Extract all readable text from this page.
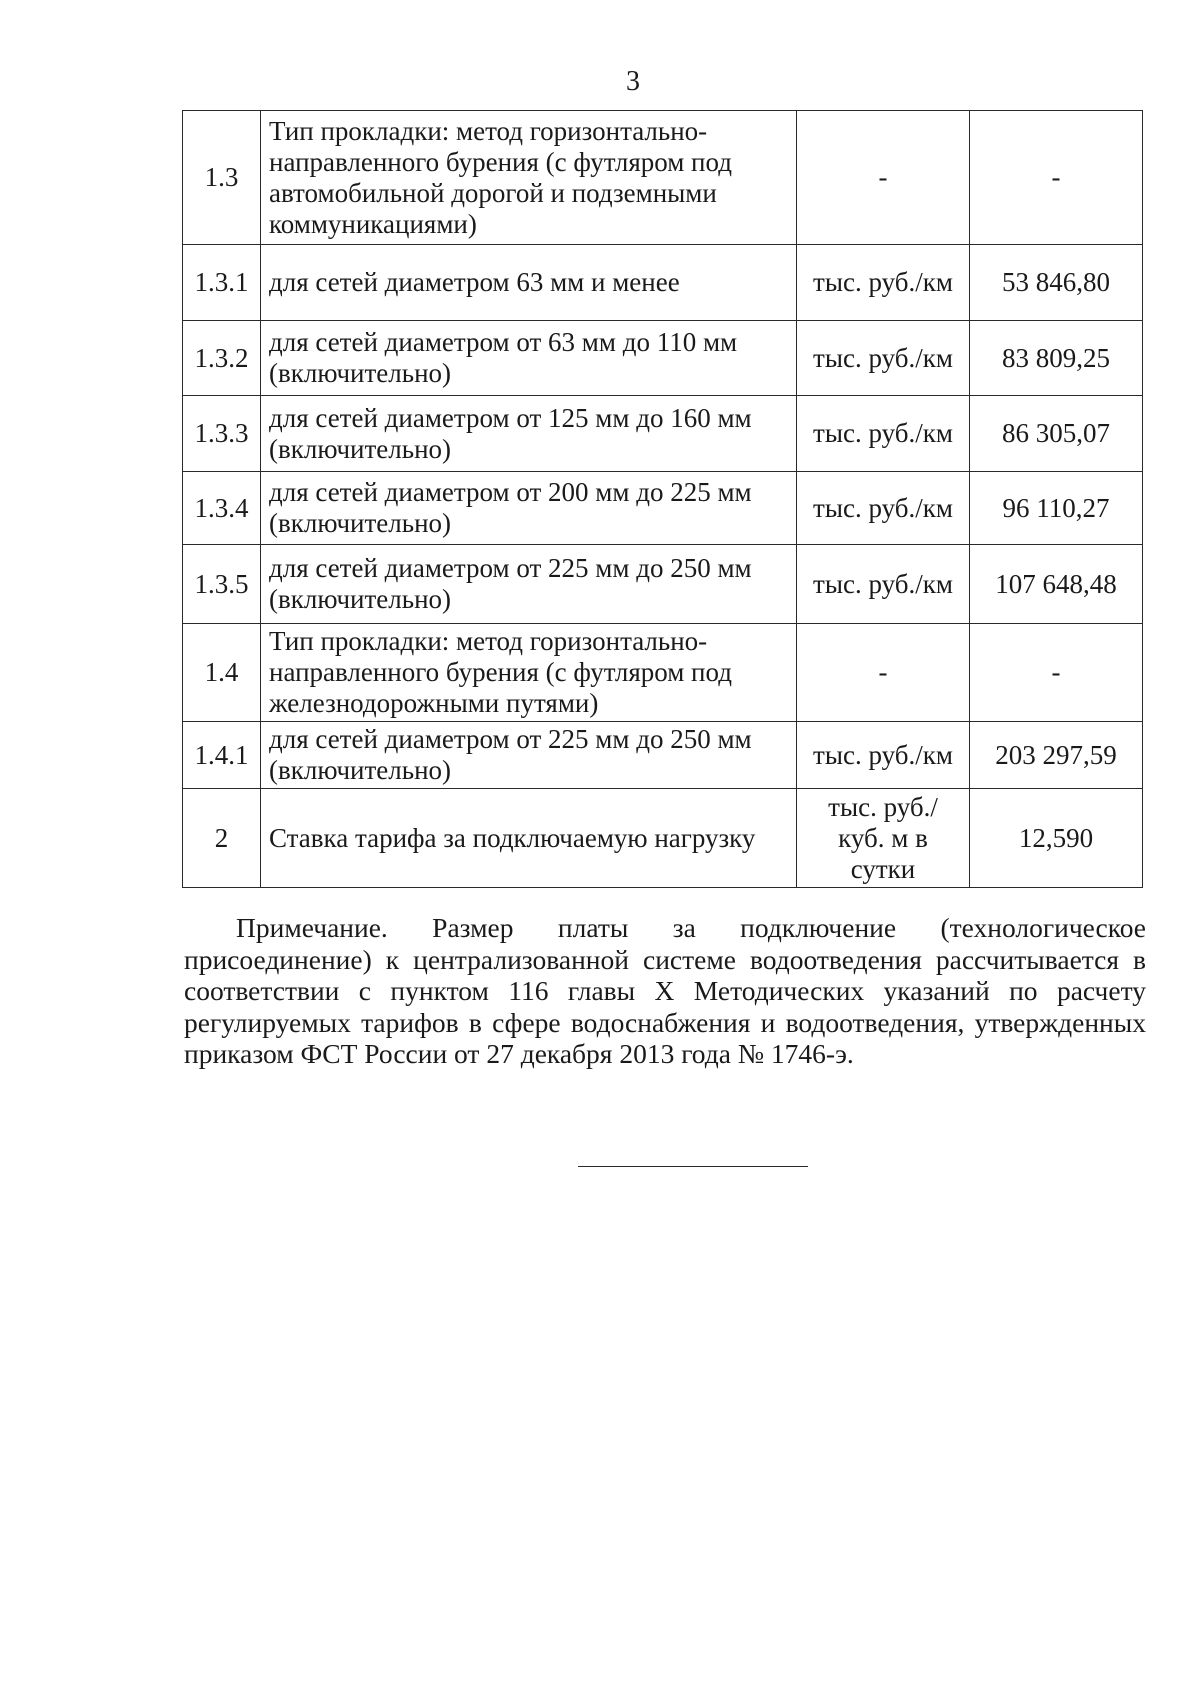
3
1.3	Тип прокладки: метод горизонтально-направленного бурения (с футляром под автомобильной дорогой и подземными коммуникациями)	-	-
1.3.1	для сетей диаметром 63 мм и менее	тыс. руб./км	53 846,80
1.3.2	для сетей диаметром от 63 мм до 110 мм (включительно)	тыс. руб./км	83 809,25
1.3.3	для сетей диаметром от 125 мм до 160 мм (включительно)	тыс. руб./км	86 305,07
1.3.4	для сетей диаметром от 200 мм до 225 мм (включительно)	тыс. руб./км	96 110,27
1.3.5	для сетей диаметром от 225 мм до 250 мм (включительно)	тыс. руб./км	107 648,48
1.4	Тип прокладки: метод горизонтально-направленного бурения (с футляром под железнодорожными путями)	-	-
1.4.1	для сетей диаметром от 225 мм до 250 мм (включительно)	тыс. руб./км	203 297,59
2	Ставка тарифа за подключаемую нагрузку	тыс. руб./ куб. м в сутки	12,590

Примечание. Размер платы за подключение (технологическое присоединение) к централизованной системе водоотведения рассчитывается в соответствии с пунктом 116 главы X Методических указаний по расчету регулируемых тарифов в сфере водоснабжения и водоотведения, утвержденных приказом ФСТ России от 27 декабря 2013 года № 1746-э.
